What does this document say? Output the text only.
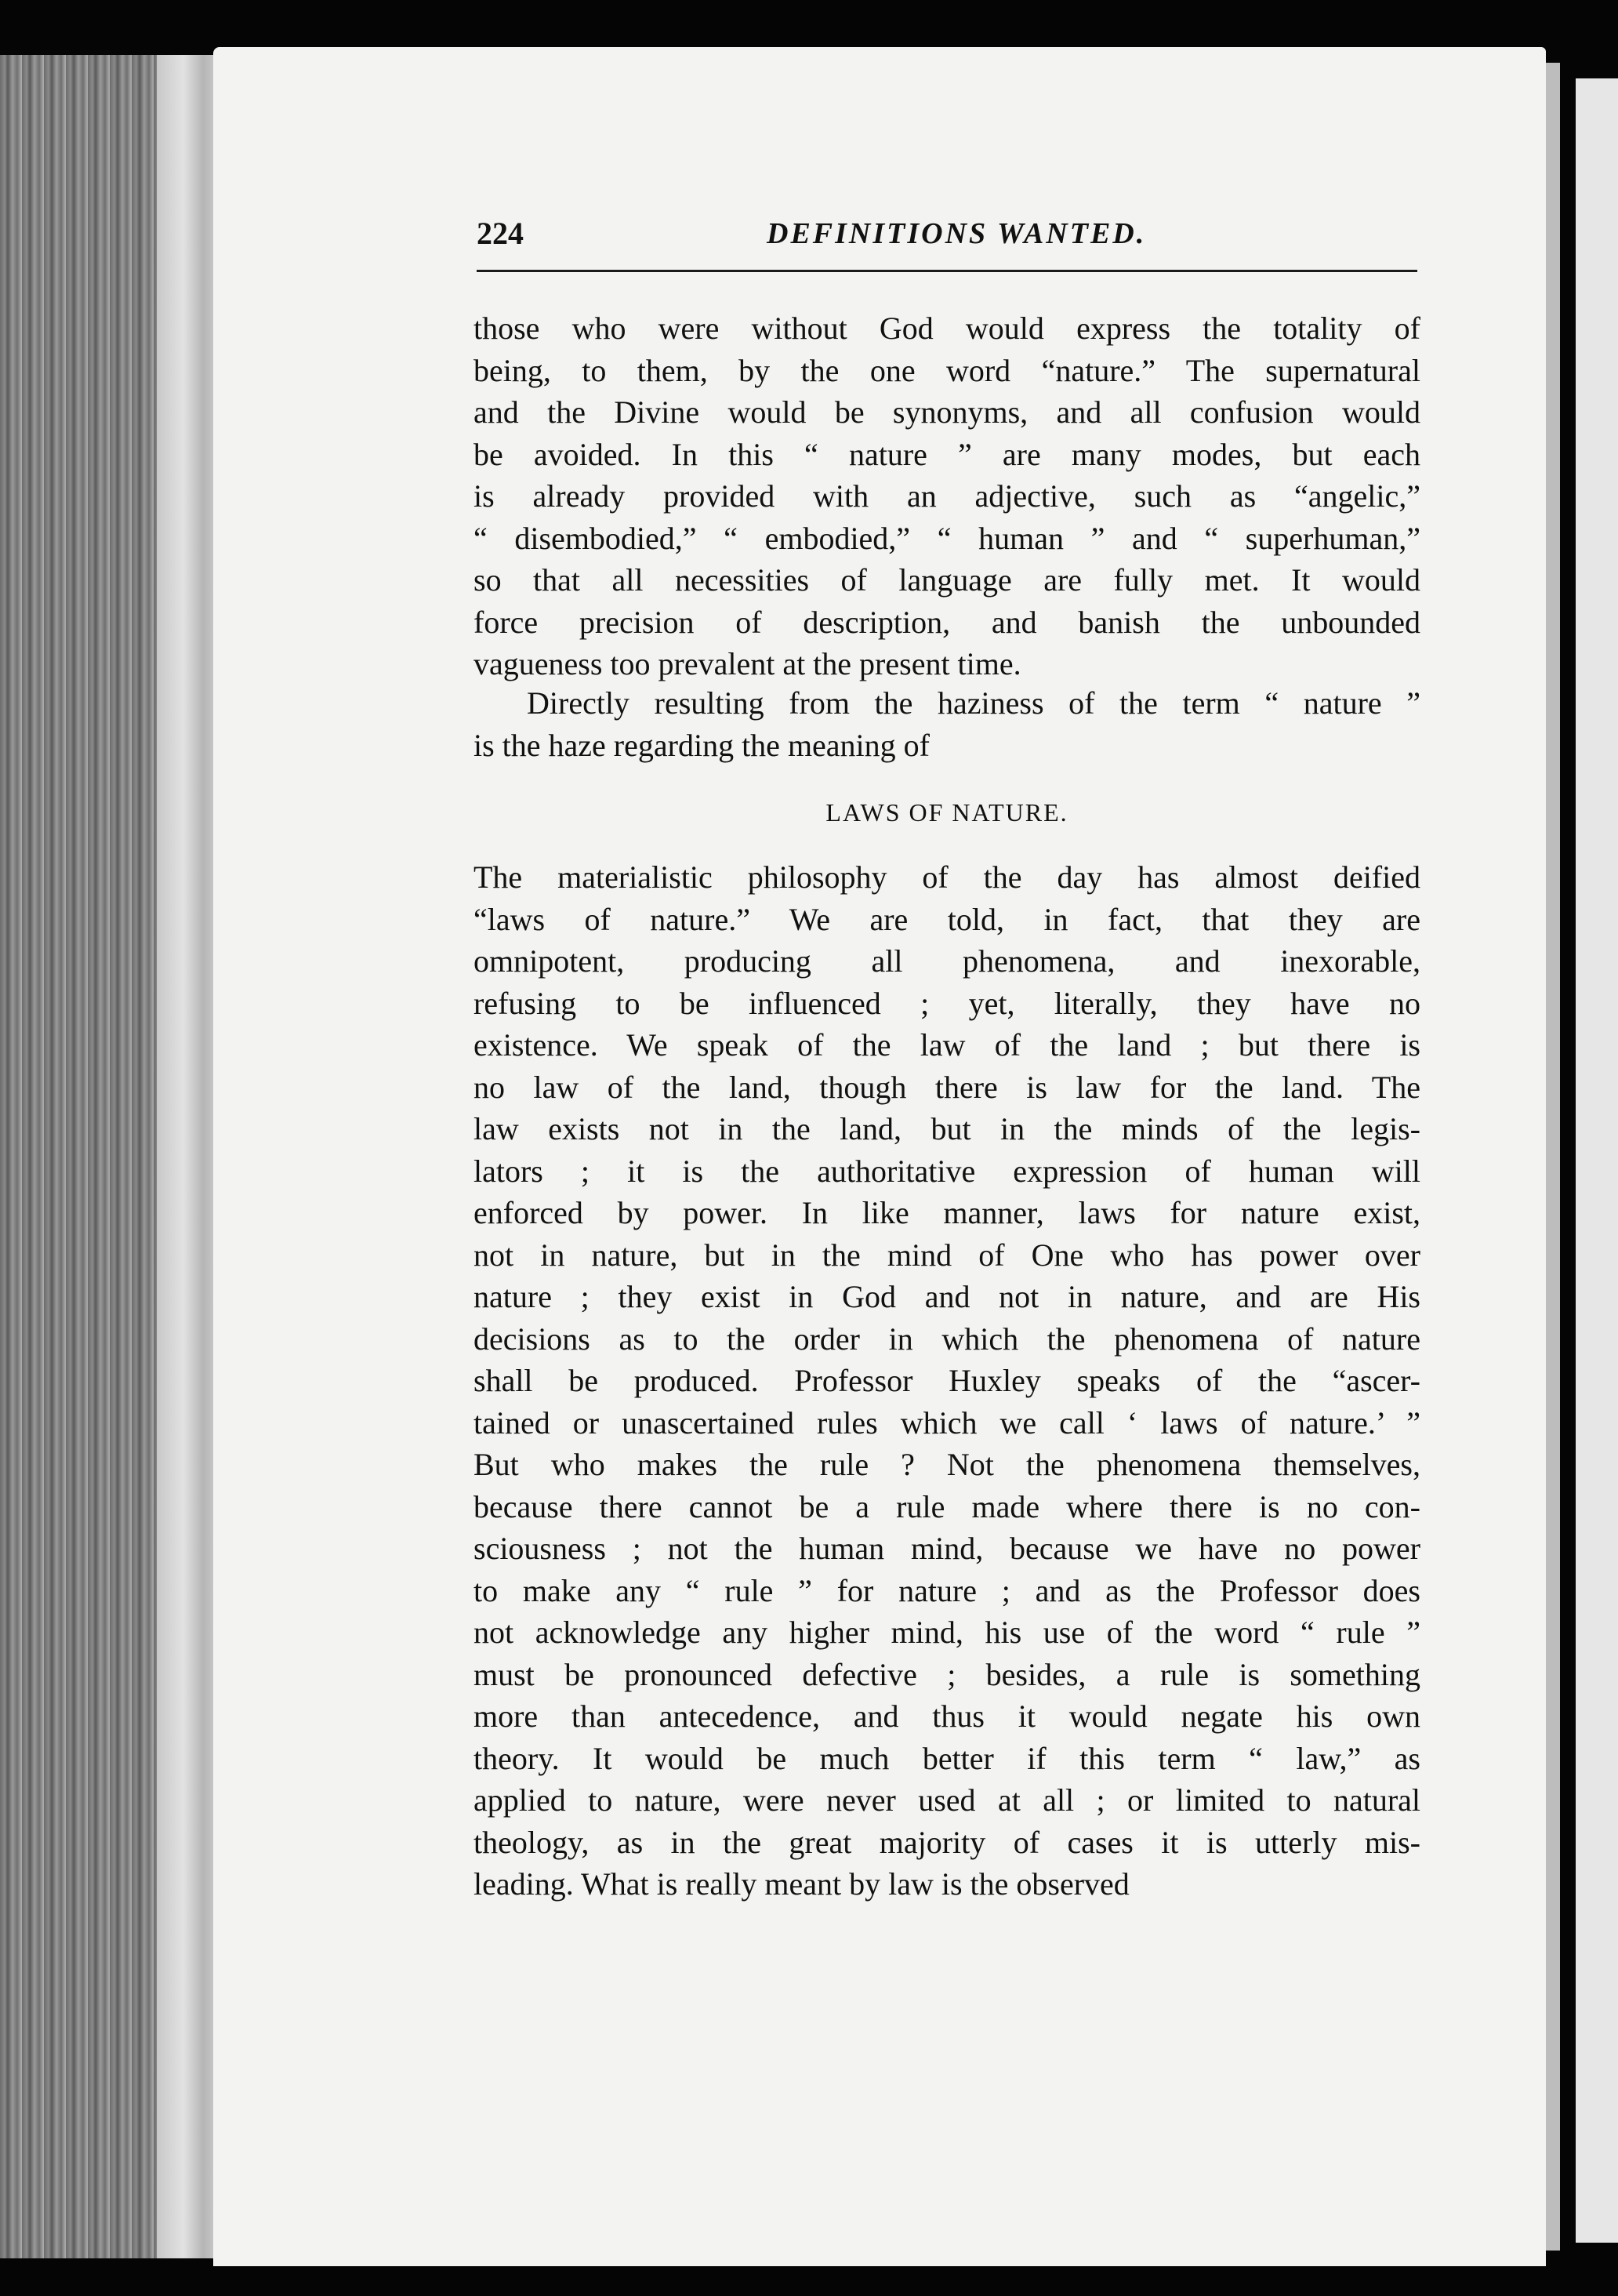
224	DEFINITIONS WANTED.
those who were without God would express the totality of
being, to them, by the one word “nature.” The supernatural
and the Divine would be synonyms, and all confusion would
be avoided. In this “ nature ” are many modes, but each
is already provided with an adjective, such as “angelic,”
“ disembodied,” “ embodied,” “ human ” and “ superhuman,”
so that all necessities of language are fully met. It would
force precision of description, and banish the unbounded
vagueness too prevalent at the present time.
Directly resulting from the haziness of the term “ nature ”
is the haze regarding the meaning of
LAWS OF NATURE.
The materialistic philosophy of the day has almost deified
“laws of nature.” We are told, in fact, that they are
omnipotent, producing all phenomena, and inexorable,
refusing to be influenced ; yet, literally, they have no
existence. We speak of the law of the land ; but there is
no law of the land, though there is law for the land. The
law exists not in the land, but in the minds of the legis-
lators ; it is the authoritative expression of human will
enforced by power. In like manner, laws for nature exist,
not in nature, but in the mind of One who has power over
nature ; they exist in God and not in nature, and are His
decisions as to the order in which the phenomena of nature
shall be produced. Professor Huxley speaks of the “ascer-
tained or unascertained rules which we call ‘ laws of nature.’ ”
But who makes the rule ? Not the phenomena themselves,
because there cannot be a rule made where there is no con-
sciousness ; not the human mind, because we have no power
to make any “ rule ” for nature ; and as the Professor does
not acknowledge any higher mind, his use of the word “ rule ”
must be pronounced defective ; besides, a rule is something
more than antecedence, and thus it would negate his own
theory. It would be much better if this term “ law,” as
applied to nature, were never used at all ; or limited to natural
theology, as in the great majority of cases it is utterly mis-
leading. What is really meant by law is the observed
